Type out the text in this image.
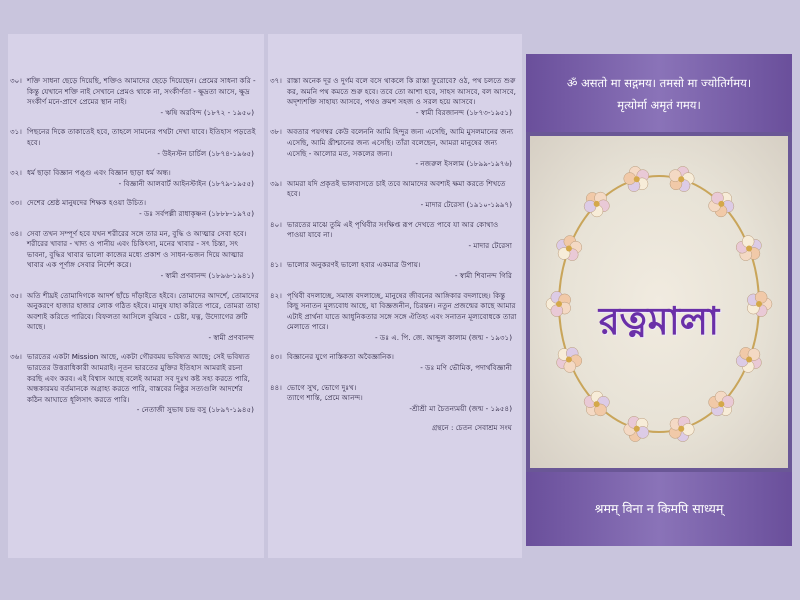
৩০। শক্তি সাধনা ছেড়ে দিয়েছি, শক্তিও আমাদের ছেড়ে দিয়েছেন। প্রেমের সাধনা করি - কিন্তু যেখানে শক্তি নাই সেখানে প্রেমও থাকে না, সংকীর্ণতা - ক্ষুদ্রতা আসে, ক্ষুদ্র সংকীর্ণ মনে-প্রাণে প্রেমের স্থান নাই।
- ঋষি অরবিন্দ (১৮৭২ - ১৯৫০)
৩১। পিছনের দিকে তাকাতেই হবে, তাহলে সামনের পথটা দেখা যাবে। ইতিহাস পড়তেই হবে।
- উইনস্টন চার্চিল (১৮৭৪-১৯৬৫)
৩২। ধর্ম ছাড়া বিজ্ঞান পঙ্গু এবং বিজ্ঞান ছাড়া ধর্ম অন্ধ।
- বিজ্ঞানী আলবার্ট আইনস্টাইন (১৮৭৯-১৯৫৫)
৩৩। দেশের শ্রেষ্ঠ মানুষদের শিক্ষক হওয়া উচিত।
- ডঃ সর্বপল্লী রাধাকৃষ্ণন (১৮৮৮-১৯৭৫)
৩৪। সেবা তখন সম্পূর্ণ হবে যখন শরীরের সঙ্গে তার মন, বুদ্ধি ও আত্মার সেবা হবে। শরীরের খাবার - খাদ্য ও পানীয় এবং চিকিৎসা, মনের খাবার - সৎ চিন্তা, সৎ ভাবনা, বুদ্ধির খাবার ভালো কাজের মধ্যে প্রকাশ ও সাধন-ভজন দিয়ে আত্মার খাবার এক পূর্ণাঙ্গ সেবার নির্দেশ করে।
- স্বামী প্রণবানন্দ (১৮৯৬-১৯৪১)
৩৫। অতি শীঘ্রই তোমাদিগকে আদর্শ ছাঁচে দাঁড়াইতে হইবে। তোমাদের আদর্শে, তোমাদের অনুকরণে হাজার হাজার লোক গঠিত হইবে। মানুষ যাহা করিতে পারে, তোমরা তাহা অবশ্যই করিতে পারিবে। বিফলতা আসিলে বুঝিবে - চেষ্টা, যত্ন, উদ্যোগের ক্রটি আছে।
- স্বামী প্রণবানন্দ
৩৬। ভারতের একটা Mission আছে, একটা গৌরবময় ভবিষ্যত আছে; সেই ভবিষ্যত ভারতের উত্তরাধিকারী আমরাই। নূতন ভারতের মুক্তির ইতিহাস আমরাই রচনা করছি এবং করব। এই বিশ্বাস আছে বলেই আমরা সব দুঃখ কষ্ট সহ্য করতে পারি, অন্ধকারময় বর্তমানকে অগ্রাহ্য করতে পারি, বাস্তবের নিষ্ঠুর সত্যগুলি আদর্শের কঠিন আঘাতে ধূলিসাৎ করতে পারি।
- নেতাজী সুভাষ চন্দ্র বসু (১৮৯৭-১৯৪৫)
৩৭। রাস্তা অনেক দূর ও দুর্গম বলে বসে থাকলে কি রাস্তা ফুরোবে? ওঠ, পথ চলতে শুরু কর, অমনি পথ কমতে শুরু হবে। তবে তো আশা হবে, সাহস আসবে, বল আসবে, অদৃশ্যশক্তি সাহায্য আসবে, পথও ক্রমশ সহজ ও সরল হয়ে আসবে।
- স্বামী বিরজানন্দ (১৮৭৩-১৯৫১)
৩৮। অবতার পয়গম্বর কেউ বলেননি আমি হিন্দুর জন্য এসেছি, আমি মুসলমানের জন্য এসেছি, আমি খ্রীশ্চানের জন্য এসেছি। তাঁরা বলেছেন, আমরা মানুষের জন্য এসেছি - আলোর মত, সকলের জন্য।
- নজরুল ইসলাম (১৮৯৯-১৯৭৬)
৩৯। আমরা যদি প্রকৃতই ভালবাসতে চাই তবে আমাদের অবশ্যই ক্ষমা করতে শিখতে হবে।
- মাদার টেরেসা (১৯১০-১৯৯৭)
৪০। ভারতের মাঝে তুমি এই পৃথিবীর সংক্ষিপ্ত রূপ দেখতে পাবে যা আর কোথাও পাওয়া যাবে না।
- মাদার টেরেসা
৪১। ভালোর অনুকরণই ভালো হবার একমাত্র উপায়।
- স্বামী শিবানন্দ গিরি
৪২। পৃথিবী বদলাচ্ছে, সমাজ বদলাচ্ছে, মানুষের জীবনের আঙ্গিকার বদলাচ্ছে। কিন্তু কিছু সনাতন মূল্যবোধ আছে, যা বিজ্ঞজনীন, চিরন্তন। নতুন প্রজন্মের কাছে আমার এটাই প্রার্থনা যাতে আধুনিকতার সঙ্গে সঙ্গে ঐতিহ্য এবং সনাতন মূল্যবোধকে তারা মেলাতে পারে।
- ডঃ এ. পি. জে. আব্দুল কালাম (জন্ম - ১৯৩১)
৪৩। বিজ্ঞানের যুগে নাস্তিকতা অবৈজ্ঞানিক।
- ডঃ মণি ভৌমিক, পদার্থবিজ্ঞানী
৪৪। ভোগে সুখ, ভোগে দুঃখ।
ত্যাগে শান্তি, প্রেমে আনন্দ।
-শ্রীশ্রী মা চৈতন্যময়ী (জন্ম - ১৯৫৪)
গ্রন্থনে : চেতন সেবাশ্রম সংঘ
ॐ असतो मा सद्गमय। तमसो मा ज्योतिर्गमय।
मृत्योर्मा अमृतं गमय।
রত্নমালা
श्रमम् विना न किमपि साध्यम्
